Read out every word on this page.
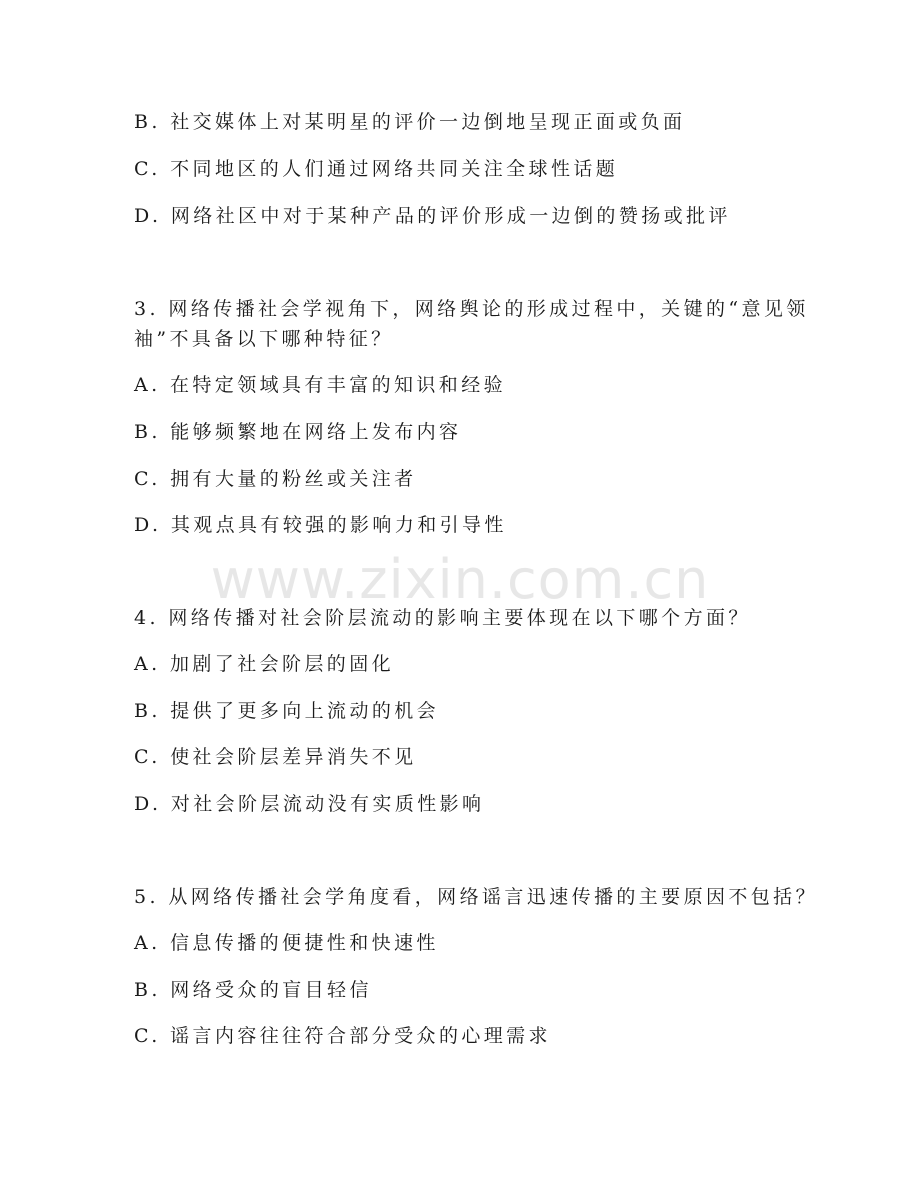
www.zixin.com.cn
B. 社交媒体上对某明星的评价一边倒地呈现正面或负面
C. 不同地区的人们通过网络共同关注全球性话题
D. 网络社区中对于某种产品的评价形成一边倒的赞扬或批评
3. 网络传播社会学视角下，网络舆论的形成过程中，关键的“意见领
袖”不具备以下哪种特征？
A. 在特定领域具有丰富的知识和经验
B. 能够频繁地在网络上发布内容
C. 拥有大量的粉丝或关注者
D. 其观点具有较强的影响力和引导性
4. 网络传播对社会阶层流动的影响主要体现在以下哪个方面？
A. 加剧了社会阶层的固化
B. 提供了更多向上流动的机会
C. 使社会阶层差异消失不见
D. 对社会阶层流动没有实质性影响
5. 从网络传播社会学角度看，网络谣言迅速传播的主要原因不包括？
A. 信息传播的便捷性和快速性
B. 网络受众的盲目轻信
C. 谣言内容往往符合部分受众的心理需求
